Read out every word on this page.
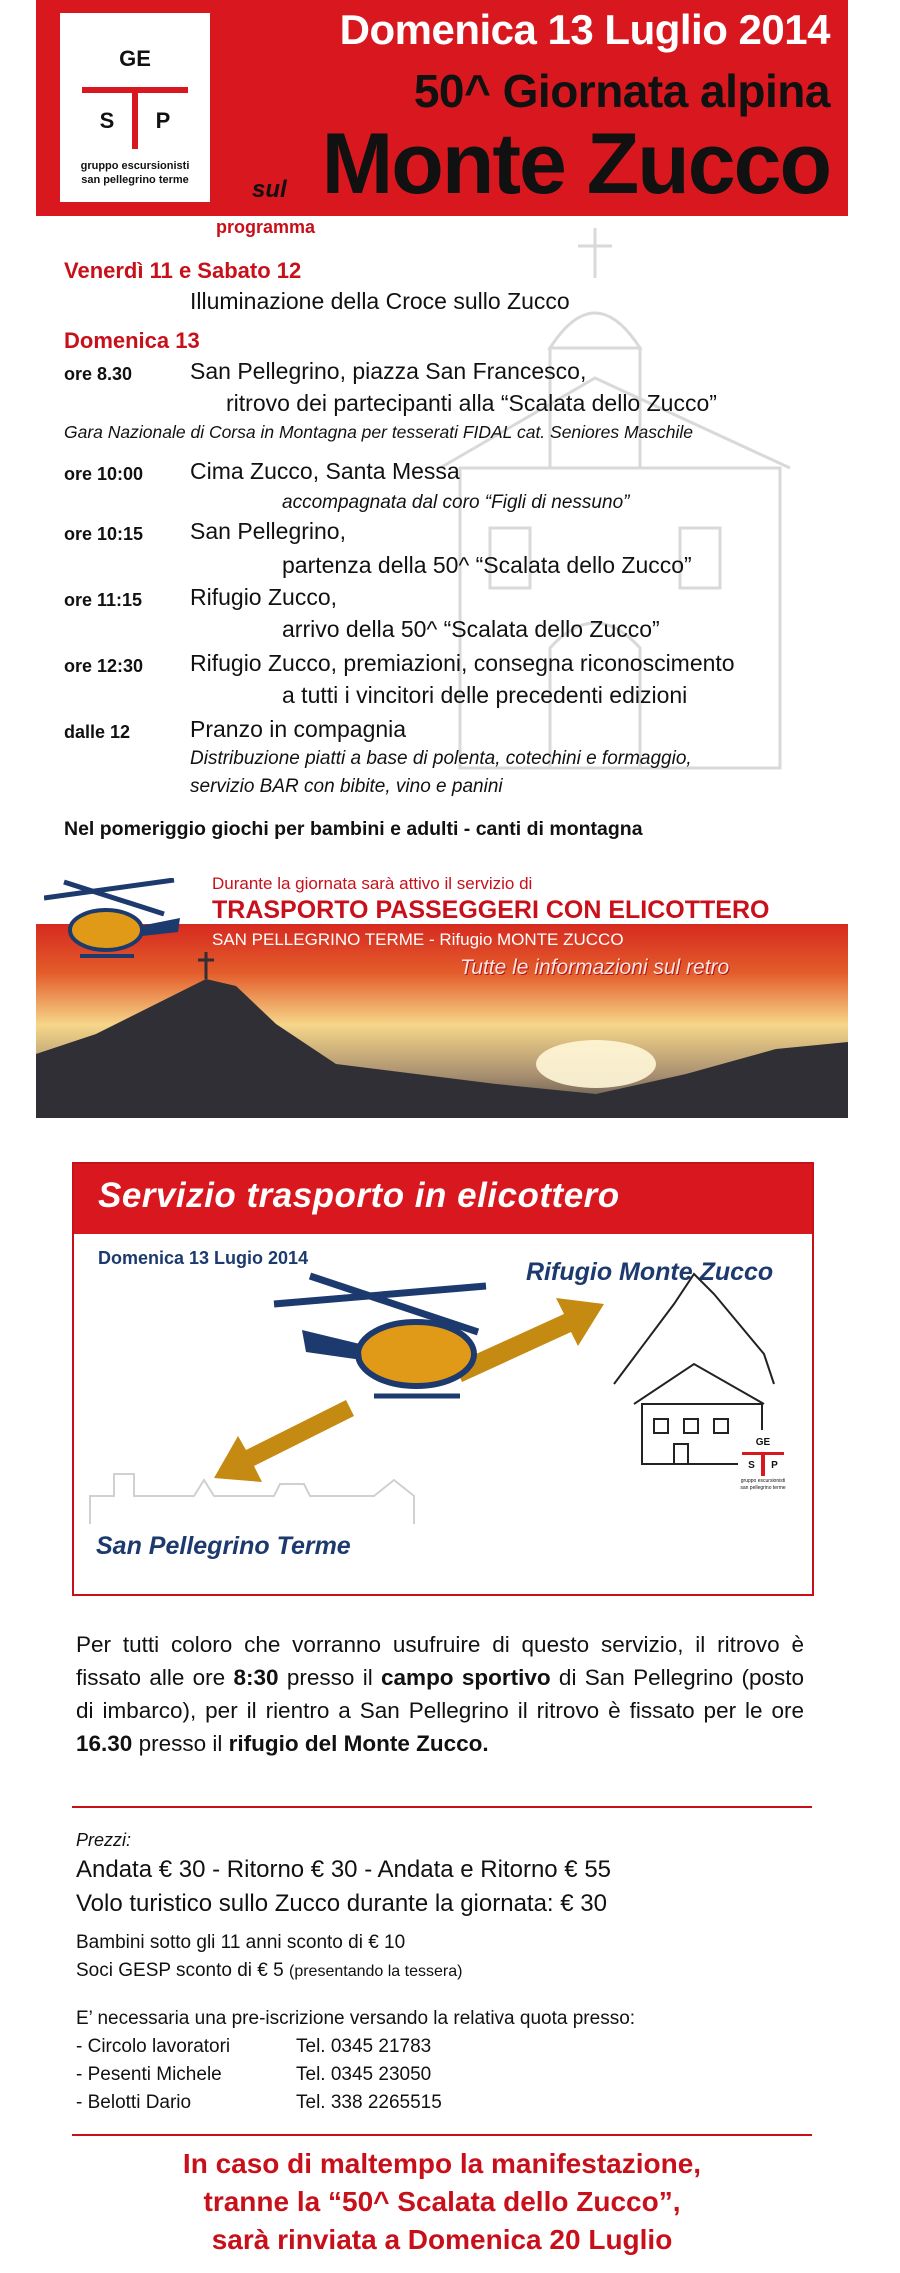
GE
S	P
gruppo escursionisti
san pellegrino terme
Domenica 13 Luglio 2014
50^ Giornata alpina
sul Monte Zucco
programma
Venerdì 11 e Sabato 12
Illuminazione della Croce sullo Zucco
Domenica 13
ore 8.30	San Pellegrino, piazza San Francesco,
ritrovo dei partecipanti alla “Scalata dello Zucco”
Gara Nazionale di Corsa in Montagna per tesserati FIDAL cat. Seniores Maschile
ore 10:00 Cima Zucco, Santa Messa
accompagnata dal coro “Figli di nessuno”
ore 10:15 San Pellegrino,
partenza della 50^ “Scalata dello Zucco”
ore 11:15 Rifugio Zucco,
arrivo della 50^ “Scalata dello Zucco”
ore 12:30 Rifugio Zucco, premiazioni, consegna riconoscimento
a tutti i vincitori delle precedenti edizioni
dalle 12	Pranzo in compagnia
Distribuzione piatti a base di polenta, cotechini e formaggio,
servizio BAR con bibite, vino e panini
Nel pomeriggio giochi per bambini e adulti - canti di montagna
Durante la giornata sarà attivo il servizio di
TRASPORTO PASSEGGERI CON ELICOTTERO
SAN PELLEGRINO TERME - Rifugio MONTE ZUCCO
Tutte le informazioni sul retro
Servizio trasporto in elicottero
Domenica 13 Lugio 2014	Rifugio Monte Zucco
San Pellegrino Terme
GE
S	P
gruppo escursionisti san pellegrino terme
Per tutti coloro che vorranno usufruire di questo servizio, il ritrovo è fissato alle ore 8:30 presso il campo sportivo di San Pellegrino (posto di imbarco), per il rientro a San Pellegrino il ritrovo è fissato per le ore 16.30 presso il rifugio del Monte Zucco.
Prezzi:
Andata € 30 - Ritorno € 30 - Andata e Ritorno € 55
Volo turistico sullo Zucco durante la giornata: € 30
Bambini sotto gli 11 anni sconto di € 10
Soci GESP sconto di € 5 (presentando la tessera)
E’ necessaria una pre-iscrizione versando la relativa quota presso:
- Circolo lavoratori	Tel. 0345 21783
- Pesenti Michele	Tel. 0345 23050
- Belotti Dario	Tel. 338 2265515
In caso di maltempo la manifestazione,
tranne la “50^ Scalata dello Zucco”,
sarà rinviata a Domenica 20 Luglio
